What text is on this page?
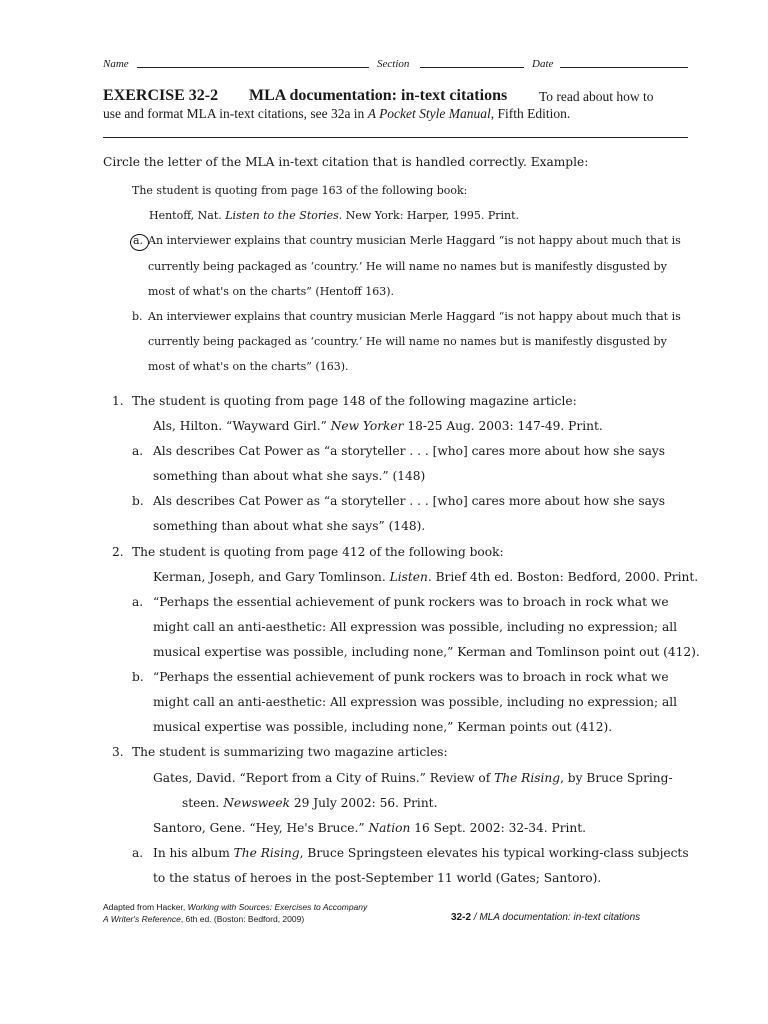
Name	Section	Date
EXERCISE 32-2 MLA documentation: in-text citations To read about how to
use and format MLA in-text citations, see 32a in A Pocket Style Manual, Fifth Edition.
Circle the letter of the MLA in-text citation that is handled correctly. Example:
The student is quoting from page 163 of the following book:
Hentoff, Nat. Listen to the Stories. New York: Harper, 1995. Print.
a. An interviewer explains that country musician Merle Haggard “is not happy about much that is
currently being packaged as ‘country.’ He will name no names but is manifestly disgusted by
most of what's on the charts” (Hentoff 163).
b. An interviewer explains that country musician Merle Haggard “is not happy about much that is
currently being packaged as ‘country.’ He will name no names but is manifestly disgusted by
most of what's on the charts” (163).
1. The student is quoting from page 148 of the following magazine article:
Als, Hilton. “Wayward Girl.” New Yorker 18-25 Aug. 2003: 147-49. Print.
a. Als describes Cat Power as “a storyteller . . . [who] cares more about how she says
something than about what she says.” (148)
b. Als describes Cat Power as “a storyteller . . . [who] cares more about how she says
something than about what she says” (148).
2. The student is quoting from page 412 of the following book:
Kerman, Joseph, and Gary Tomlinson. Listen. Brief 4th ed. Boston: Bedford, 2000. Print.
a. “Perhaps the essential achievement of punk rockers was to broach in rock what we
might call an anti-aesthetic: All expression was possible, including no expression; all
musical expertise was possible, including none,” Kerman and Tomlinson point out (412).
b. “Perhaps the essential achievement of punk rockers was to broach in rock what we
might call an anti-aesthetic: All expression was possible, including no expression; all
musical expertise was possible, including none,” Kerman points out (412).
3. The student is summarizing two magazine articles:
Gates, David. “Report from a City of Ruins.” Review of The Rising, by Bruce Spring-
steen. Newsweek 29 July 2002: 56. Print.
Santoro, Gene. “Hey, He's Bruce.” Nation 16 Sept. 2002: 32-34. Print.
a. In his album The Rising, Bruce Springsteen elevates his typical working-class subjects
to the status of heroes in the post-September 11 world (Gates; Santoro).
Adapted from Hacker, Working with Sources: Exercises to Accompany
A Writer's Reference, 6th ed. (Boston: Bedford, 2009)	32-2 / MLA documentation: in-text citations
